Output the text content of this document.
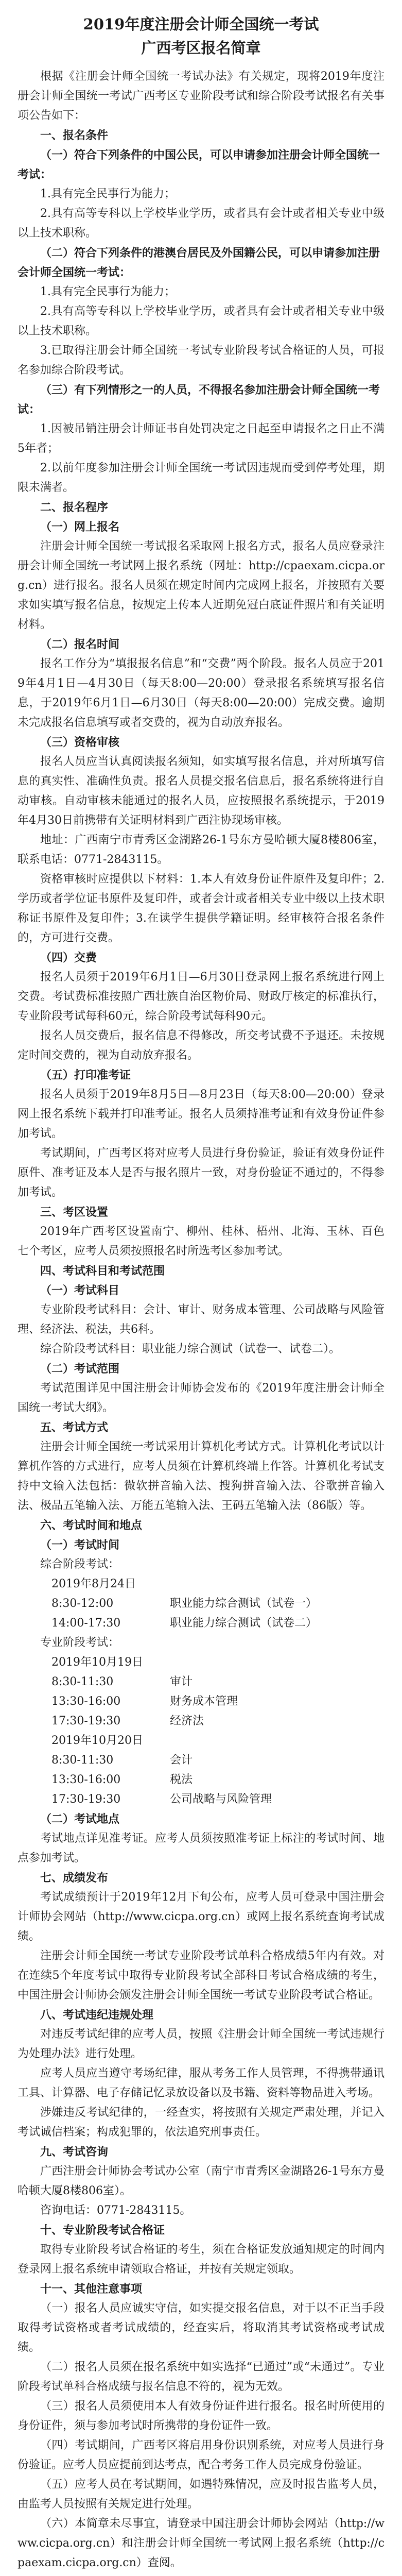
2019年度注册会计师全国统一考试
广西考区报名简章
根据《注册会计师全国统一考试办法》有关规定，现将2019年度注册会计师全国统一考试广西考区专业阶段考试和综合阶段考试报名有关事项公告如下：
一、报名条件
（一）符合下列条件的中国公民，可以申请参加注册会计师全国统一考试：
1.具有完全民事行为能力；
2.具有高等专科以上学校毕业学历，或者具有会计或者相关专业中级以上技术职称。
（二）符合下列条件的港澳台居民及外国籍公民，可以申请参加注册会计师全国统一考试：
1.具有完全民事行为能力；
2.具有高等专科以上学校毕业学历，或者具有会计或者相关专业中级以上技术职称。
3.已取得注册会计师全国统一考试专业阶段考试合格证的人员，可报名参加综合阶段考试。
（三）有下列情形之一的人员，不得报名参加注册会计师全国统一考试：
1.因被吊销注册会计师证书自处罚决定之日起至申请报名之日止不满5年者；
2.以前年度参加注册会计师全国统一考试因违规而受到停考处理，期限未满者。
二、报名程序
（一）网上报名
注册会计师全国统一考试报名采取网上报名方式，报名人员应登录注册会计师全国统一考试网上报名系统（网址：http://cpaexam.cicpa.org.cn）进行报名。报名人员须在规定时间内完成网上报名，并按照有关要求如实填写报名信息，按规定上传本人近期免冠白底证件照片和有关证明材料。
（二）报名时间
报名工作分为“填报报名信息”和“交费”两个阶段。报名人员应于2019年4月1日—4月30日（每天8:00—20:00）登录报名系统填写报名信息，于2019年6月1日—6月30日（每天8:00—20:00）完成交费。逾期未完成报名信息填写或者交费的，视为自动放弃报名。
（三）资格审核
报名人员应当认真阅读报名须知，如实填写报名信息，并对所填写信息的真实性、准确性负责。报名人员提交报名信息后，报名系统将进行自动审核。自动审核未能通过的报名人员，应按照报名系统提示，于2019年4月30日前携带有关证明材料到广西注协现场审核。
地址：广西南宁市青秀区金湖路26-1号东方曼哈顿大厦8楼806室，联系电话：0771-2843115。
资格审核时应提供以下材料：1.本人有效身份证件原件及复印件；2.学历或者学位证书原件及复印件，或者会计或者相关专业中级以上技术职称证书原件及复印件；3.在读学生提供学籍证明。经审核符合报名条件的，方可进行交费。
（四）交费
报名人员须于2019年6月1日—6月30日登录网上报名系统进行网上交费。考试费标准按照广西壮族自治区物价局、财政厅核定的标准执行，专业阶段考试每科60元，综合阶段考试每科90元。
报名人员交费后，报名信息不得修改，所交考试费不予退还。未按规定时间交费的，视为自动放弃报名。
（五）打印准考证
报名人员须于2019年8月5日—8月23日（每天8:00—20:00）登录网上报名系统下载并打印准考证。报名人员须持准考证和有效身份证件参加考试。
考试期间，广西考区将对应考人员进行身份验证，验证有效身份证件原件、准考证及本人是否与报名照片一致，对身份验证不通过的，不得参加考试。
三、考区设置
2019年广西考区设置南宁、柳州、桂林、梧州、北海、玉林、百色七个考区，应考人员须按照报名时所选考区参加考试。
四、考试科目和考试范围
（一）考试科目
专业阶段考试科目：会计、审计、财务成本管理、公司战略与风险管理、经济法、税法，共6科。
综合阶段考试科目：职业能力综合测试（试卷一、试卷二）。
（二）考试范围
考试范围详见中国注册会计师协会发布的《2019年度注册会计师全国统一考试大纲》。
五、考试方式
注册会计师全国统一考试采用计算机化考试方式。计算机化考试以计算机作答的方式进行，应考人员须在计算机终端上作答。计算机化考试支持中文输入法包括：微软拼音输入法、搜狗拼音输入法、谷歌拼音输入法、极品五笔输入法、万能五笔输入法、王码五笔输入法（86版）等。
六、考试时间和地点
（一）考试时间
综合阶段考试：
2019年8月24日
8:30-12:00	职业能力综合测试（试卷一）
14:00-17:30	职业能力综合测试（试卷二）
专业阶段考试：
2019年10月19日
8:30-11:30	审计
13:30-16:00	财务成本管理
17:30-19:30	经济法
2019年10月20日
8:30-11:30	会计
13:30-16:00	税法
17:30-19:30	公司战略与风险管理
（二）考试地点
考试地点详见准考证。应考人员须按照准考证上标注的考试时间、地点参加考试。
七、成绩发布
考试成绩预计于2019年12月下旬公布，应考人员可登录中国注册会计师协会网站（http://www.cicpa.org.cn）或网上报名系统查询考试成绩。
注册会计师全国统一考试专业阶段考试单科合格成绩5年内有效。对在连续5个年度考试中取得专业阶段考试全部科目考试合格成绩的考生，中国注册会计师协会颁发注册会计师全国统一考试专业阶段考试合格证。
八、考试违纪违规处理
对违反考试纪律的应考人员，按照《注册会计师全国统一考试违规行为处理办法》进行处理。
应考人员应当遵守考场纪律，服从考务工作人员管理，不得携带通讯工具、计算器、电子存储记忆录放设备以及书籍、资料等物品进入考场。
涉嫌违反考试纪律的，一经查实，将按照有关规定严肃处理，并记入考试诚信档案；构成犯罪的，依法追究刑事责任。
九、考试咨询
广西注册会计师协会考试办公室（南宁市青秀区金湖路26-1号东方曼哈顿大厦8楼806室）。
咨询电话：0771-2843115。
十、专业阶段考试合格证
取得专业阶段考试合格证的考生，须在合格证发放通知规定的时间内登录网上报名系统申请领取合格证，并按有关规定领取。
十一、其他注意事项
（一）报名人员应诚实守信，如实提交报名信息，对于以不正当手段取得考试资格或者考试成绩的，经查实后，将取消其考试资格或考试成绩。
（二）报名人员须在报名系统中如实选择“已通过”或“未通过”。专业阶段考试单科合格成绩与报名信息不符的，视为无效。
（三）报名人员须使用本人有效身份证件进行报名。报名时所使用的身份证件，须与参加考试时所携带的身份证件一致。
（四）考试期间，广西考区将启用身份识别系统，对应考人员进行身份验证。应考人员应提前到达考点，配合考务工作人员完成身份验证。
（五）应考人员在考试期间，如遇特殊情况，应及时报告监考人员，由监考人员按照有关规定进行处理。
（六）本简章未尽事宜，请登录中国注册会计师协会网站（http://www.cicpa.org.cn）和注册会计师全国统一考试网上报名系统（http://cpaexam.cicpa.org.cn）查阅。
